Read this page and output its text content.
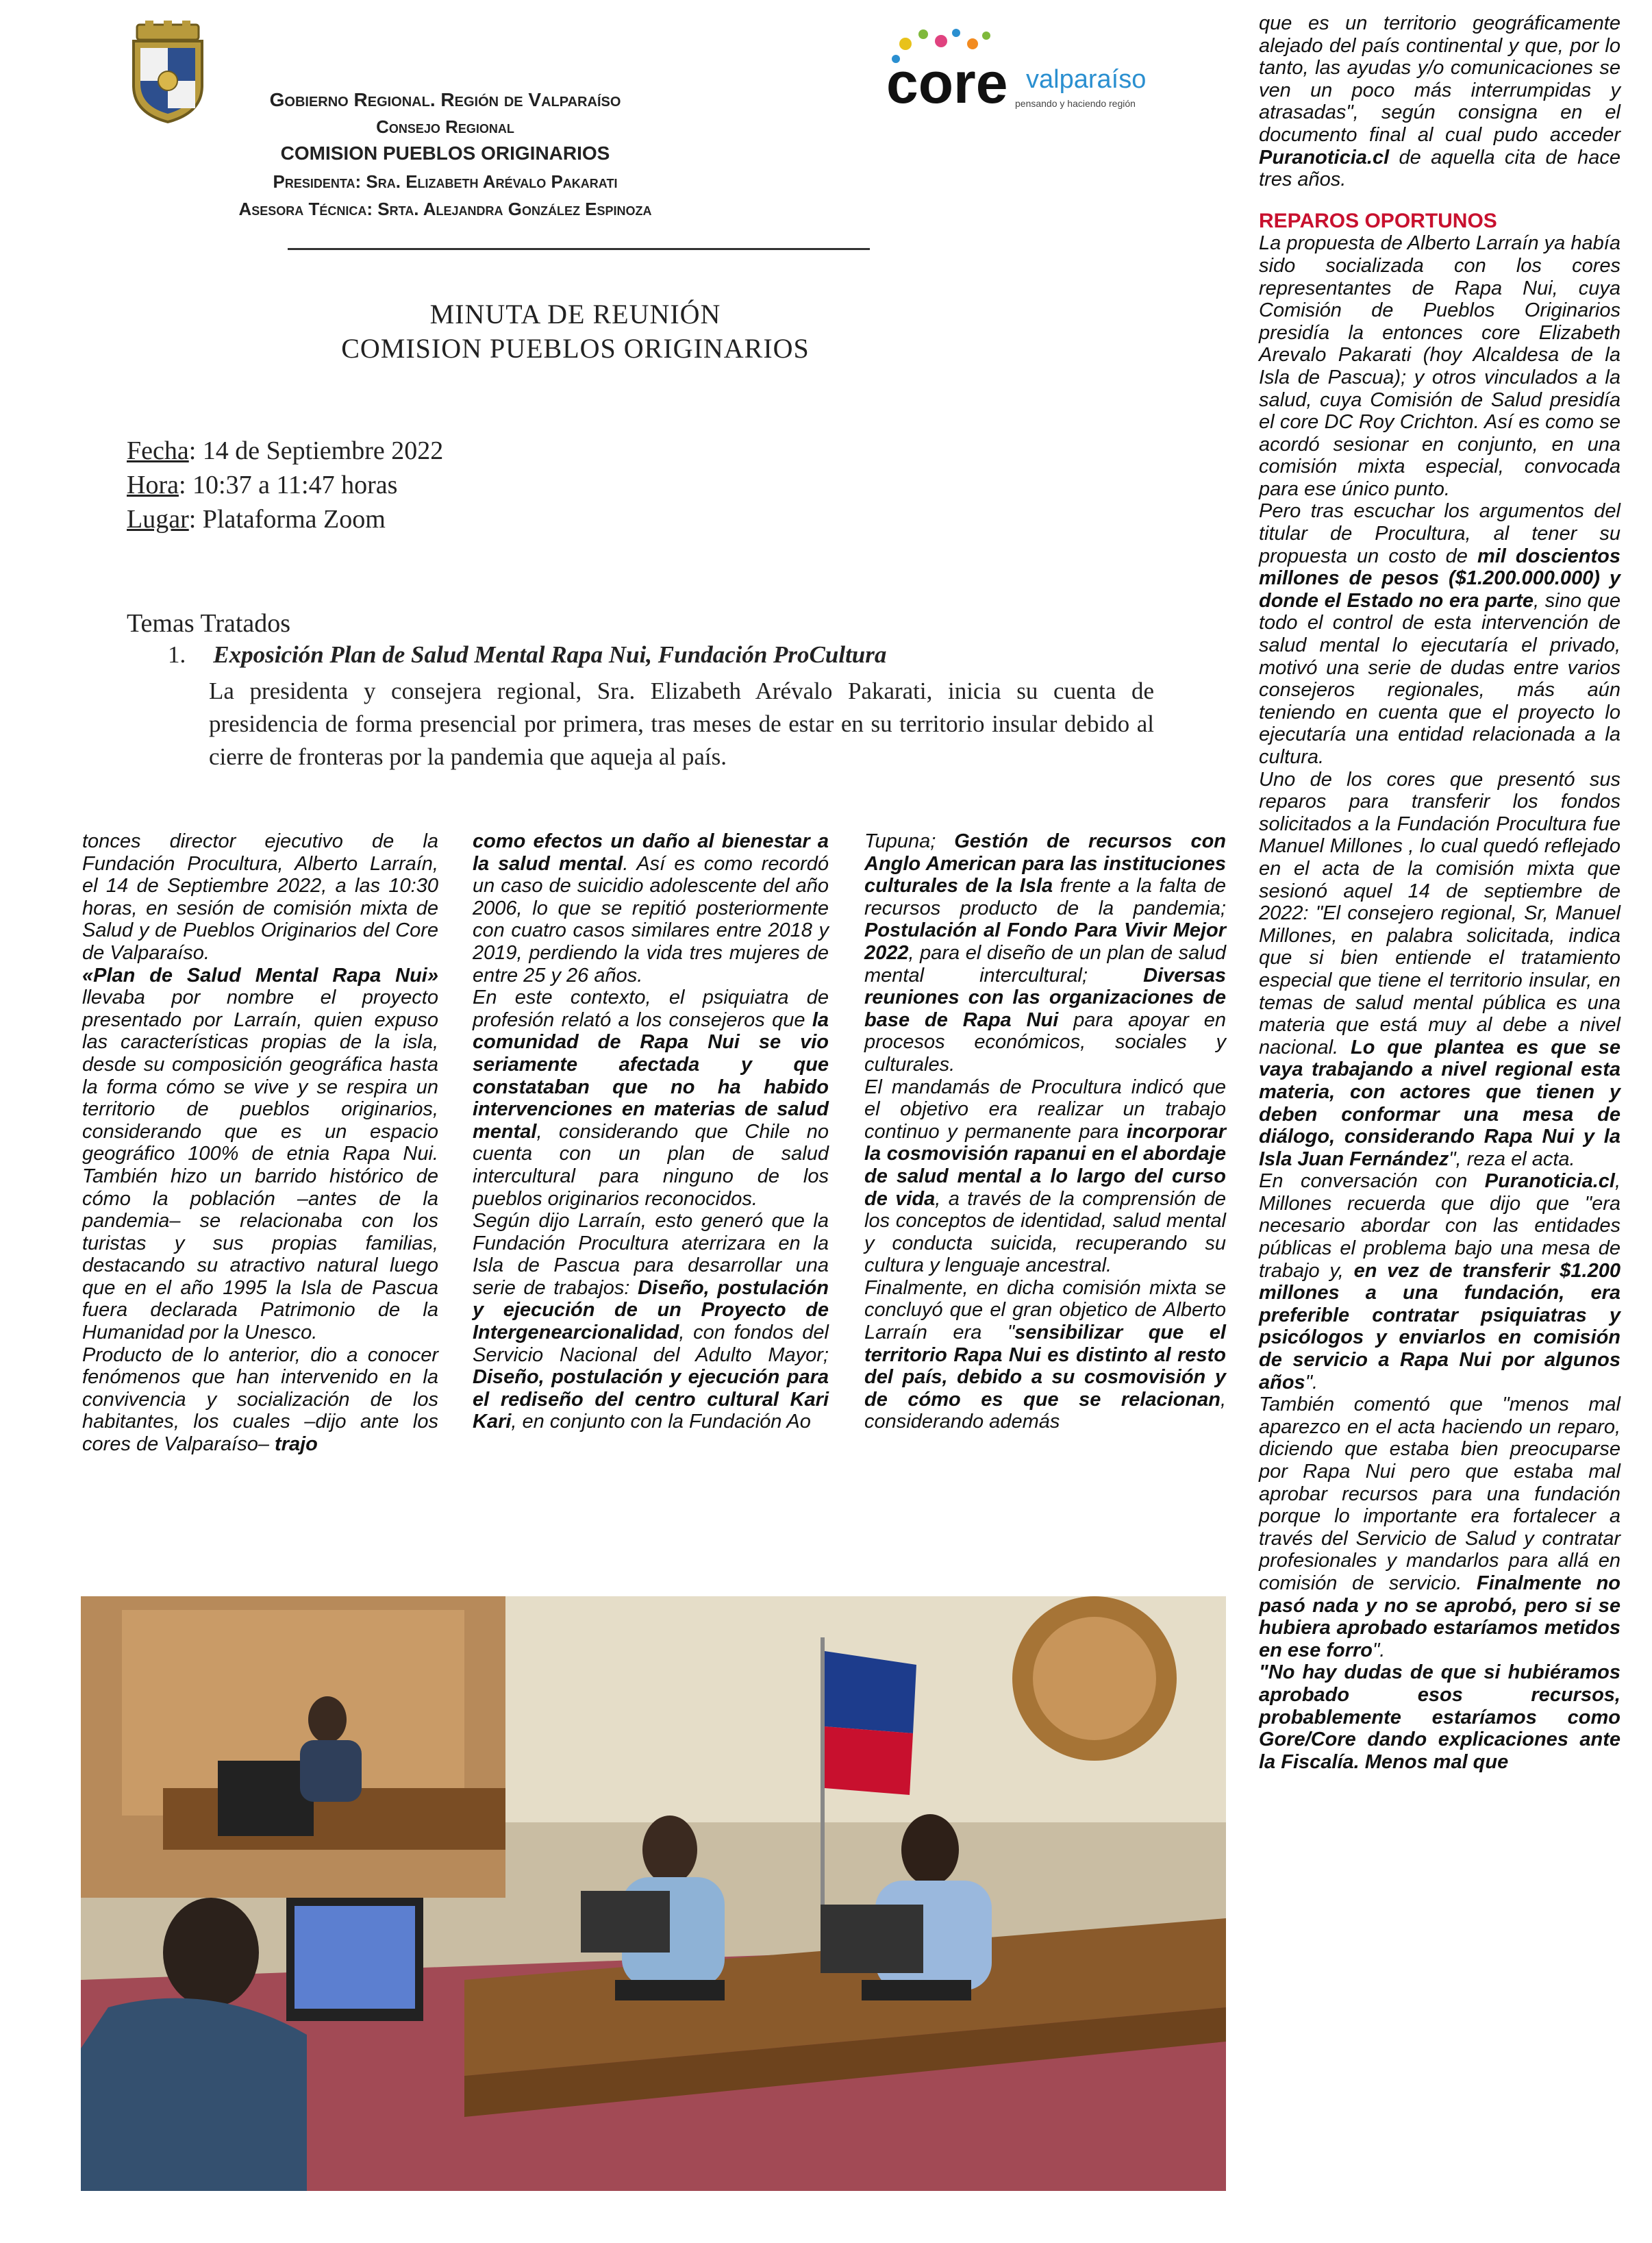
Gobierno Regional. Región de Valparaíso
Consejo Regional
COMISION PUEBLOS ORIGINARIOS
Presidenta: Sra. Elizabeth Arévalo Pakarati
Asesora Técnica: Srta. Alejandra González Espinoza
core valparaíso
pensando y haciendo región
MINUTA DE REUNIÓN
COMISION PUEBLOS ORIGINARIOS
Fecha: 14 de Septiembre 2022
Hora: 10:37 a 11:47 horas
Lugar: Plataforma Zoom
Temas Tratados
1. Exposición Plan de Salud Mental Rapa Nui, Fundación ProCultura
La presidenta y consejera regional, Sra. Elizabeth Arévalo Pakarati, inicia su cuenta de presidencia de forma presencial por primera, tras meses de estar en su territorio insular debido al cierre de fronteras por la pandemia que aqueja al país.

tonces director ejecutivo de la Fundación Procultura, Alberto Larraín, el 14 de Septiembre 2022, a las 10:30 horas, en sesión de comisión mixta de Salud y de Pueblos Originarios del Core de Valparaíso.

«Plan de Salud Mental Rapa Nui» llevaba por nombre el proyecto presentado por Larraín, quien expuso las características propias de la isla, desde su composición geográfica hasta la forma cómo se vive y se respira un territorio de pueblos originarios, considerando que es un espacio geográfico 100% de etnia Rapa Nui. También hizo un barrido histórico de cómo la población –antes de la pandemia– se relacionaba con los turistas y sus propias familias, destacando su atractivo natural luego que en el año 1995 la Isla de Pascua fuera declarada Patrimonio de la Humanidad por la Unesco.

Producto de lo anterior, dio a conocer fenómenos que han intervenido en la convivencia y socialización de los habitantes, los cuales –dijo ante los cores de Valparaíso– trajo

como efectos un daño al bienestar a la salud mental. Así es como recordó un caso de suicidio adolescente del año 2006, lo que se repitió posteriormente con cuatro casos similares entre 2018 y 2019, perdiendo la vida tres mujeres de entre 25 y 26 años.

En este contexto, el psiquiatra de profesión relató a los consejeros que la comunidad de Rapa Nui se vio seriamente afectada y que constataban que no ha habido intervenciones en materias de salud mental, considerando que Chile no cuenta con un plan de salud intercultural para ninguno de los pueblos originarios reconocidos.

Según dijo Larraín, esto generó que la Fundación Procultura aterrizara en la Isla de Pascua para desarrollar una serie de trabajos: Diseño, postulación y ejecución de un Proyecto de Intergenearcionalidad, con fondos del Servicio Nacional del Adulto Mayor; Diseño, postulación y ejecución para el rediseño del centro cultural Kari Kari, en conjunto con la Fundación Ao

Tupuna; Gestión de recursos con Anglo American para las instituciones culturales de la Isla frente a la falta de recursos producto de la pandemia; Postulación al Fondo Para Vivir Mejor 2022, para el diseño de un plan de salud mental intercultural; Diversas reuniones con las organizaciones de base de Rapa Nui para apoyar en procesos económicos, sociales y culturales.

El mandamás de Procultura indicó que el objetivo era realizar un trabajo continuo y permanente para incorporar la cosmovisión rapanui en el abordaje de salud mental a lo largo del curso de vida, a través de la comprensión de los conceptos de identidad, salud mental y conducta suicida, recuperando su cultura y lenguaje ancestral.

Finalmente, en dicha comisión mixta se concluyó que el gran objetico de Alberto Larraín era "sensibilizar que el territorio Rapa Nui es distinto al resto del país, debido a su cosmovisión y de cómo es que se relacionan, considerando además

que es un territorio geográficamente alejado del país continental y que, por lo tanto, las ayudas y/o comunicaciones se ven un poco más interrumpidas y atrasadas", según consigna en el documento final al cual pudo acceder Puranoticia.cl de aquella cita de hace tres años.

REPAROS OPORTUNOS

La propuesta de Alberto Larraín ya había sido socializada con los cores representantes de Rapa Nui, cuya Comisión de Pueblos Originarios presidía la entonces core Elizabeth Arevalo Pakarati (hoy Alcaldesa de la Isla de Pascua); y otros vinculados a la salud, cuya Comisión de Salud presidía el core DC Roy Crichton. Así es como se acordó sesionar en conjunto, en una comisión mixta especial, convocada para ese único punto.

Pero tras escuchar los argumentos del titular de Procultura, al tener su propuesta un costo de mil doscientos millones de pesos ($1.200.000.000) y donde el Estado no era parte, sino que todo el control de esta intervención de salud mental lo ejecutaría el privado, motivó una serie de dudas entre varios consejeros regionales, más aún teniendo en cuenta que el proyecto lo ejecutaría una entidad relacionada a la cultura.

Uno de los cores que presentó sus reparos para transferir los fondos solicitados a la Fundación Procultura fue Manuel Millones , lo cual quedó reflejado en el acta de la comisión mixta que sesionó aquel 14 de septiembre de 2022: "El consejero regional, Sr, Manuel Millones, en palabra solicitada, indica que si bien entiende el tratamiento especial que tiene el territorio insular, en temas de salud mental pública es una materia que está muy al debe a nivel nacional. Lo que plantea es que se vaya trabajando a nivel regional esta materia, con actores que tienen y deben conformar una mesa de diálogo, considerando Rapa Nui y la Isla Juan Fernández", reza el acta.

En conversación con Puranoticia.cl, Millones recuerda que dijo que "era necesario abordar con las entidades públicas el problema bajo una mesa de trabajo y, en vez de transferir $1.200 millones a una fundación, era preferible contratar psiquiatras y psicólogos y enviarlos en comisión de servicio a Rapa Nui por algunos años".

También comentó que "menos mal aparezco en el acta haciendo un reparo, diciendo que estaba bien preocuparse por Rapa Nui pero que estaba mal aprobar recursos para una fundación porque lo importante era fortalecer a través del Servicio de Salud y contratar profesionales y mandarlos para allá en comisión de servicio. Finalmente no pasó nada y no se aprobó, pero si se hubiera aprobado estaríamos metidos en ese forro".

"No hay dudas de que si hubiéramos aprobado esos recursos, probablemente estaríamos como Gore/Core dando explicaciones ante la Fiscalía. Menos mal que
